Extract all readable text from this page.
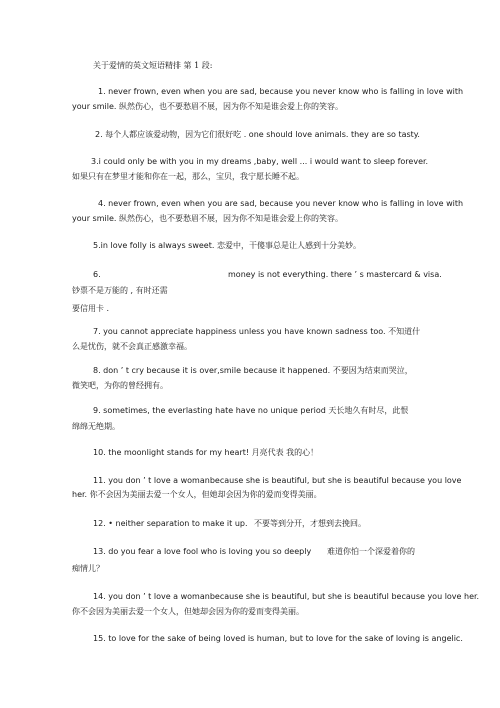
关于爱情的英文短语精排 第 1 段:
1. never frown, even when you are sad, because you never know who is falling in love with
your smile. 纵然伤心，也不要愁眉不展，因为你不知是谁会爱上你的笑容。
2. 每个人都应该爱动物，因为它们很好吃 . one should love animals. they are so tasty.
3.i could only be with you in my dreams ,baby, well ... i would want to sleep forever.
如果只有在梦里才能和你在一起，那么，宝贝，我宁愿长睡不起。
4. never frown, even when you are sad, because you never know who is falling in love with
your smile. 纵然伤心，也不要愁眉不展，因为你不知是谁会爱上你的笑容。
5.in love folly is always sweet. 恋爱中，干傻事总是让人感到十分美妙。
6.	money is not everything. there ’ s mastercard & visa.
钞票不是万能的 , 有时还需
要信用卡 .
7. you cannot appreciate happiness unless you have known sadness too. 不知道什
么是忧伤，就不会真正感激幸福。
8. don ’ t cry because it is over,smile because it happened. 不要因为结束而哭泣，
微笑吧，为你的曾经拥有。
9. sometimes, the everlasting hate have no unique period 天长地久有时尽，此恨
绵绵无绝期。
10. the moonlight stands for my heart! 月亮代表 我的心！
11. you don ’ t love a womanbecause she is beautiful, but she is beautiful because you love
her. 你不会因为美丽去爱一个女人，但她却会因为你的爱而变得美丽。
12. • neither separation to make it up. 不要等到分开，才想到去挽回。
13. do you fear a love fool who is loving you so deeply 难道你怕一个深爱着你的
痴情儿？
14. you don ’ t love a womanbecause she is beautiful, but she is beautiful because you love her.
你不会因为美丽去爱一个女人，但她却会因为你的爱而变得美丽。
15. to love for the sake of being loved is human, but to love for the sake of loving is angelic.
